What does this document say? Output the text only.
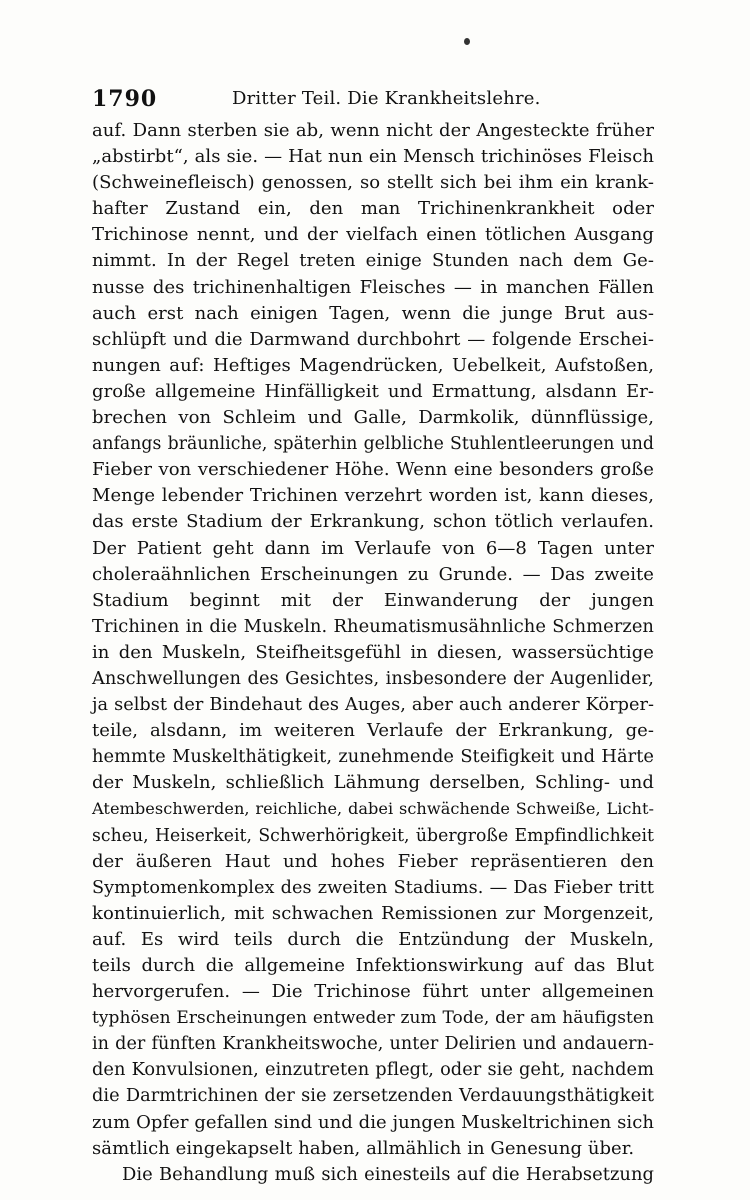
1790	Dritter Teil. Die Krankheitslehre.
auf. Dann sterben sie ab, wenn nicht der Angesteckte früher
„abstirbt“, als sie. — Hat nun ein Mensch trichinöses Fleisch
(Schweinefleisch) genossen, so stellt sich bei ihm ein krank-
hafter Zustand ein, den man Trichinenkrankheit oder
Trichinose nennt, und der vielfach einen tötlichen Ausgang
nimmt. In der Regel treten einige Stunden nach dem Ge-
nusse des trichinenhaltigen Fleisches — in manchen Fällen
auch erst nach einigen Tagen, wenn die junge Brut aus-
schlüpft und die Darmwand durchbohrt — folgende Erschei-
nungen auf: Heftiges Magendrücken, Uebelkeit, Aufstoßen,
große allgemeine Hinfälligkeit und Ermattung, alsdann Er-
brechen von Schleim und Galle, Darmkolik, dünnflüssige,
anfangs bräunliche, späterhin gelbliche Stuhlentleerungen und
Fieber von verschiedener Höhe. Wenn eine besonders große
Menge lebender Trichinen verzehrt worden ist, kann dieses,
das erste Stadium der Erkrankung, schon tötlich verlaufen.
Der Patient geht dann im Verlaufe von 6—8 Tagen unter
choleraähnlichen Erscheinungen zu Grunde. — Das zweite
Stadium beginnt mit der Einwanderung der jungen
Trichinen in die Muskeln. Rheumatismusähnliche Schmerzen
in den Muskeln, Steifheitsgefühl in diesen, wassersüchtige
Anschwellungen des Gesichtes, insbesondere der Augenlider,
ja selbst der Bindehaut des Auges, aber auch anderer Körper-
teile, alsdann, im weiteren Verlaufe der Erkrankung, ge-
hemmte Muskelthätigkeit, zunehmende Steifigkeit und Härte
der Muskeln, schließlich Lähmung derselben, Schling- und
Atembeschwerden, reichliche, dabei schwächende Schweiße, Licht-
scheu, Heiserkeit, Schwerhörigkeit, übergroße Empfindlichkeit
der äußeren Haut und hohes Fieber repräsentieren den
Symptomenkomplex des zweiten Stadiums. — Das Fieber tritt
kontinuierlich, mit schwachen Remissionen zur Morgenzeit,
auf. Es wird teils durch die Entzündung der Muskeln,
teils durch die allgemeine Infektionswirkung auf das Blut
hervorgerufen. — Die Trichinose führt unter allgemeinen
typhösen Erscheinungen entweder zum Tode, der am häufigsten
in der fünften Krankheitswoche, unter Delirien und andauern-
den Konvulsionen, einzutreten pflegt, oder sie geht, nachdem
die Darmtrichinen der sie zersetzenden Verdauungsthätigkeit
zum Opfer gefallen sind und die jungen Muskeltrichinen sich
sämtlich eingekapselt haben, allmählich in Genesung über.
Die Behandlung muß sich einesteils auf die Herabsetzung
